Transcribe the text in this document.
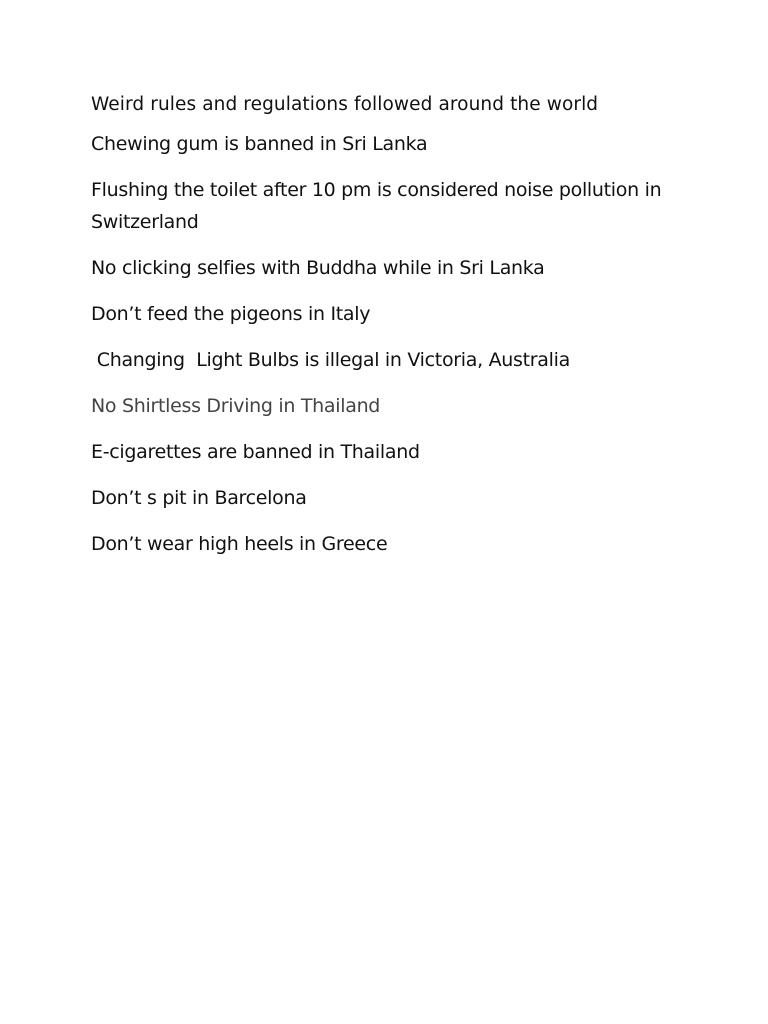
Weird rules and regulations followed around the world
Chewing gum is banned in Sri Lanka
Flushing the toilet after 10 pm is considered noise pollution in Switzerland
No clicking selfies with Buddha while in Sri Lanka
Don’t feed the pigeons in Italy
Changing  Light Bulbs is illegal in Victoria, Australia
No Shirtless Driving in Thailand
E-cigarettes are banned in Thailand
Don’t s pit in Barcelona
Don’t wear high heels in Greece
